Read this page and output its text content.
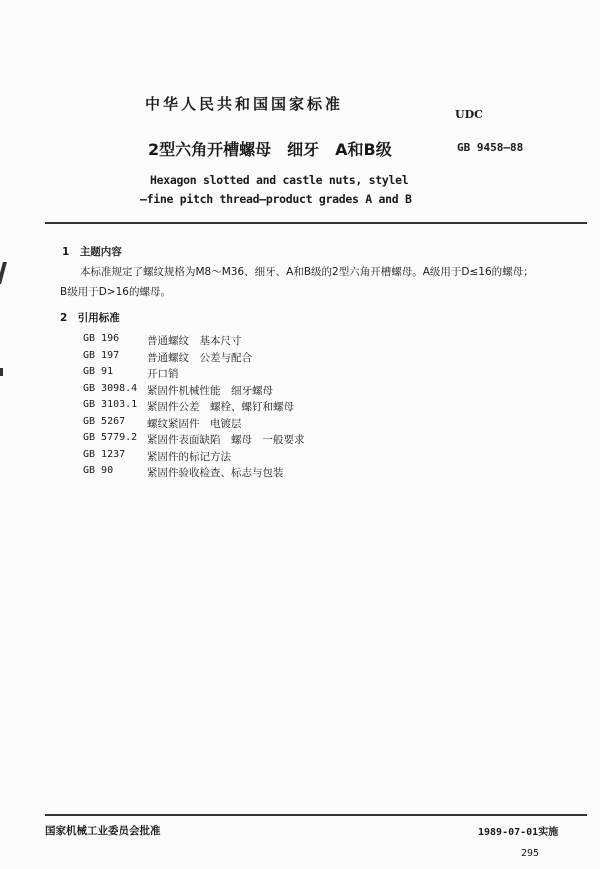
中华人民共和国国家标准
UDC
2型六角开槽螺母　细牙　A和B级	GB 9458—88
Hexagon slotted and castle nuts, stylel
—fine pitch thread—product grades A and B
1　主题内容
本标准规定了螺纹规格为M8～M36、细牙、A和B级的2型六角开槽螺母。A级用于D≤16的螺母；
B级用于D>16的螺母。
2　引用标准
GB 196	普通螺纹　基本尺寸
GB 197	普通螺纹　公差与配合
GB 91	开口销
GB 3098.4 紧固件机械性能　细牙螺母
GB 3103.1 紧固件公差　螺栓、螺钉和螺母
GB 5267 螺纹紧固件　电镀层
GB 5779.2 紧固件表面缺陷　螺母　一般要求
GB 1237 紧固件的标记方法
GB 90	紧固件验收检查、标志与包装
国家机械工业委员会批准	1989-07-01实施
295
